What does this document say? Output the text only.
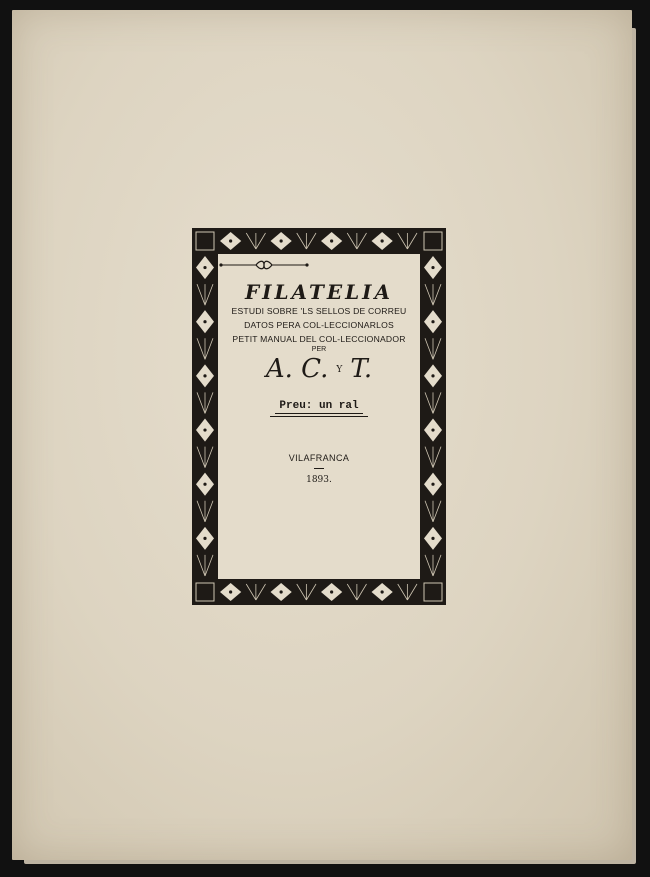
FILATELIA
ESTUDI SOBRE 'LS SELLOS DE CORREU
DATOS PERA COL-LECCIONARLOS
PETIT MANUAL DEL COL-LECCIONADOR
PER
A. C. Y T.
Preu: un ral
VILAFRANCA
1893.
